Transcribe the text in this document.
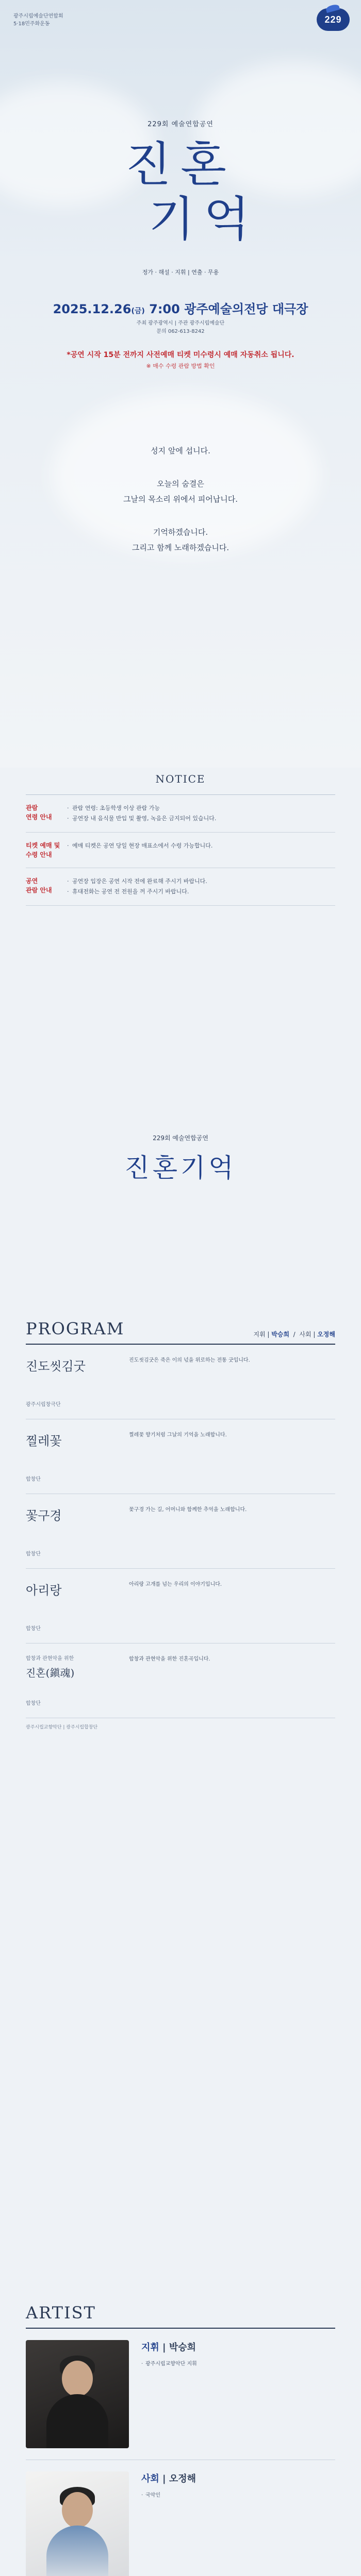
광주시립예술단연합회
5·18민주화운동	229
229회 예술연합공연
진혼
기억
정가 · 해설 · 지휘 | 연출 · 무용
2025.12.26(금) 7:00 광주예술의전당 대극장
주최 광주광역시 | 주관 광주시립예술단
문의 062-613-8242
*공연 시작 15분 전까지 사전예매 티켓 미수령시 예매 자동취소 됩니다.
※ 매수 수령 관람 방법 확인

성지 앞에 섭니다.

오늘의 숨결은
그날의 목소리 위에서 피어납니다.

기억하겠습니다.
그리고 함께 노래하겠습니다.

NOTICE
관람
연령 안내
· 관람 연령: 초등학생 이상 관람 가능
· 공연장 내 음식물 반입 및 촬영, 녹음은 금지되어 있습니다.
티켓 예매 및
수령 안내
· 예매 티켓은 공연 당일 현장 매표소에서 수령 가능합니다.
공연
관람 안내
· 공연장 입장은 공연 시작 전에 완료해 주시기 바랍니다.
· 휴대전화는 공연 전 전원을 꺼 주시기 바랍니다.
229회 예술연합공연
진혼기억
PROGRAM	지휘 | 박승희  /  사회 | 오정해
진도씻김굿
광주시립창극단
진도씻김굿은 죽은 이의 넋을 위로하는 전통 굿입니다.
찔레꽃
합창단
찔레꽃 향기처럼 그날의 기억을 노래합니다.
꽃구경
합창단
꽃구경 가는 길, 어머니와 함께한 추억을 노래합니다.
아리랑
합창단
아리랑 고개를 넘는 우리의 이야기입니다.
합창과 관현악을 위한
진혼(鎭魂)
합창단
합창과 관현악을 위한 진혼곡입니다.
광주시립교향악단 | 광주시립합창단
ARTIST
지휘 | 박승희
· 광주시립교향악단 지휘
사회 | 오정해
· 국악인
